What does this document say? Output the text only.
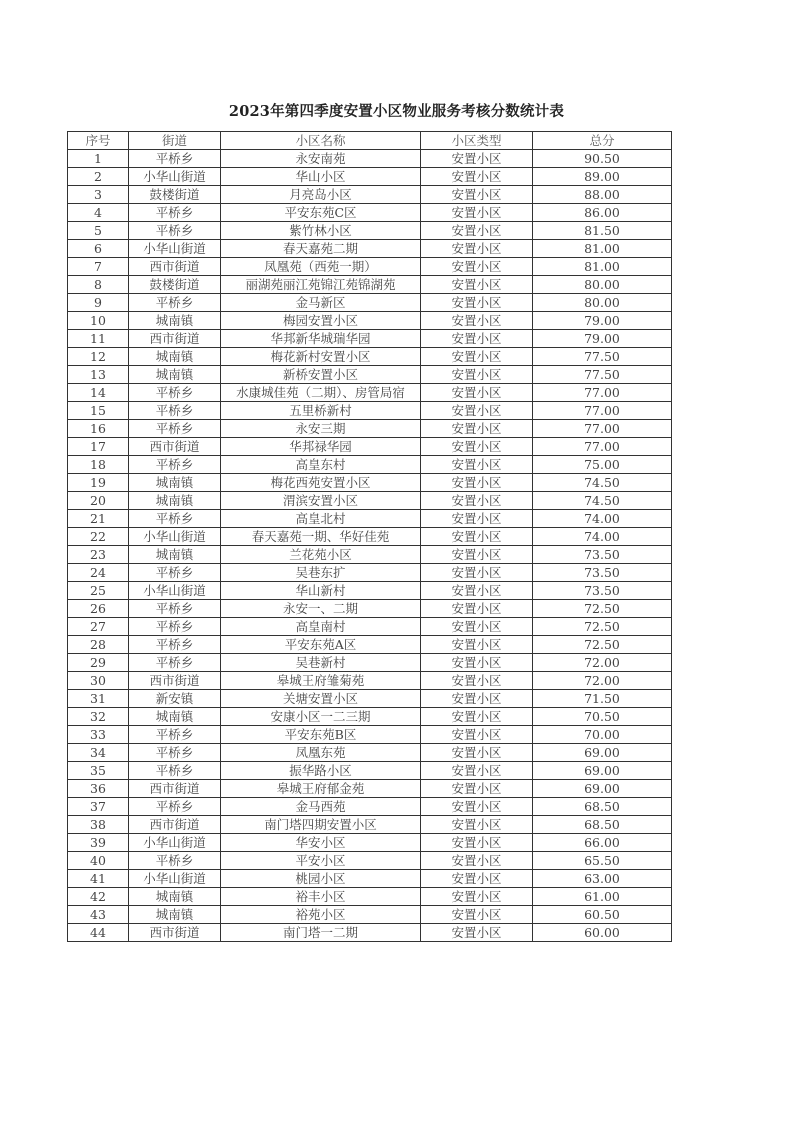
2023年第四季度安置小区物业服务考核分数统计表
序号	街道	小区名称	小区类型	总分
1	平桥乡	永安南苑	安置小区	90.50
2	小华山街道	华山小区	安置小区	89.00
3	鼓楼街道	月亮岛小区	安置小区	88.00
4	平桥乡	平安东苑C区	安置小区	86.00
5	平桥乡	紫竹林小区	安置小区	81.50
6	小华山街道	春天嘉苑二期	安置小区	81.00
7	西市街道	凤凰苑（西苑一期）	安置小区	81.00
8	鼓楼街道	丽湖苑丽江苑锦江苑锦湖苑	安置小区	80.00
9	平桥乡	金马新区	安置小区	80.00
10	城南镇	梅园安置小区	安置小区	79.00
11	西市街道	华邦新华城瑞华园	安置小区	79.00
12	城南镇	梅花新村安置小区	安置小区	77.50
13	城南镇	新桥安置小区	安置小区	77.50
14	平桥乡	水康城佳苑（二期）、房管局宿	安置小区	77.00
15	平桥乡	五里桥新村	安置小区	77.00
16	平桥乡	永安三期	安置小区	77.00
17	西市街道	华邦禄华园	安置小区	77.00
18	平桥乡	高皇东村	安置小区	75.00
19	城南镇	梅花西苑安置小区	安置小区	74.50
20	城南镇	渭滨安置小区	安置小区	74.50
21	平桥乡	高皇北村	安置小区	74.00
22	小华山街道	春天嘉苑一期、华好佳苑	安置小区	74.00
23	城南镇	兰花苑小区	安置小区	73.50
24	平桥乡	吴巷东扩	安置小区	73.50
25	小华山街道	华山新村	安置小区	73.50
26	平桥乡	永安一、二期	安置小区	72.50
27	平桥乡	高皇南村	安置小区	72.50
28	平桥乡	平安东苑A区	安置小区	72.50
29	平桥乡	吴巷新村	安置小区	72.00
30	西市街道	皋城王府雏菊苑	安置小区	72.00
31	新安镇	关塘安置小区	安置小区	71.50
32	城南镇	安康小区一二三期	安置小区	70.50
33	平桥乡	平安东苑B区	安置小区	70.00
34	平桥乡	凤凰东苑	安置小区	69.00
35	平桥乡	振华路小区	安置小区	69.00
36	西市街道	皋城王府郁金苑	安置小区	69.00
37	平桥乡	金马西苑	安置小区	68.50
38	西市街道	南门塔四期安置小区	安置小区	68.50
39	小华山街道	华安小区	安置小区	66.00
40	平桥乡	平安小区	安置小区	65.50
41	小华山街道	桃园小区	安置小区	63.00
42	城南镇	裕丰小区	安置小区	61.00
43	城南镇	裕苑小区	安置小区	60.50
44	西市街道	南门塔一二期	安置小区	60.00
